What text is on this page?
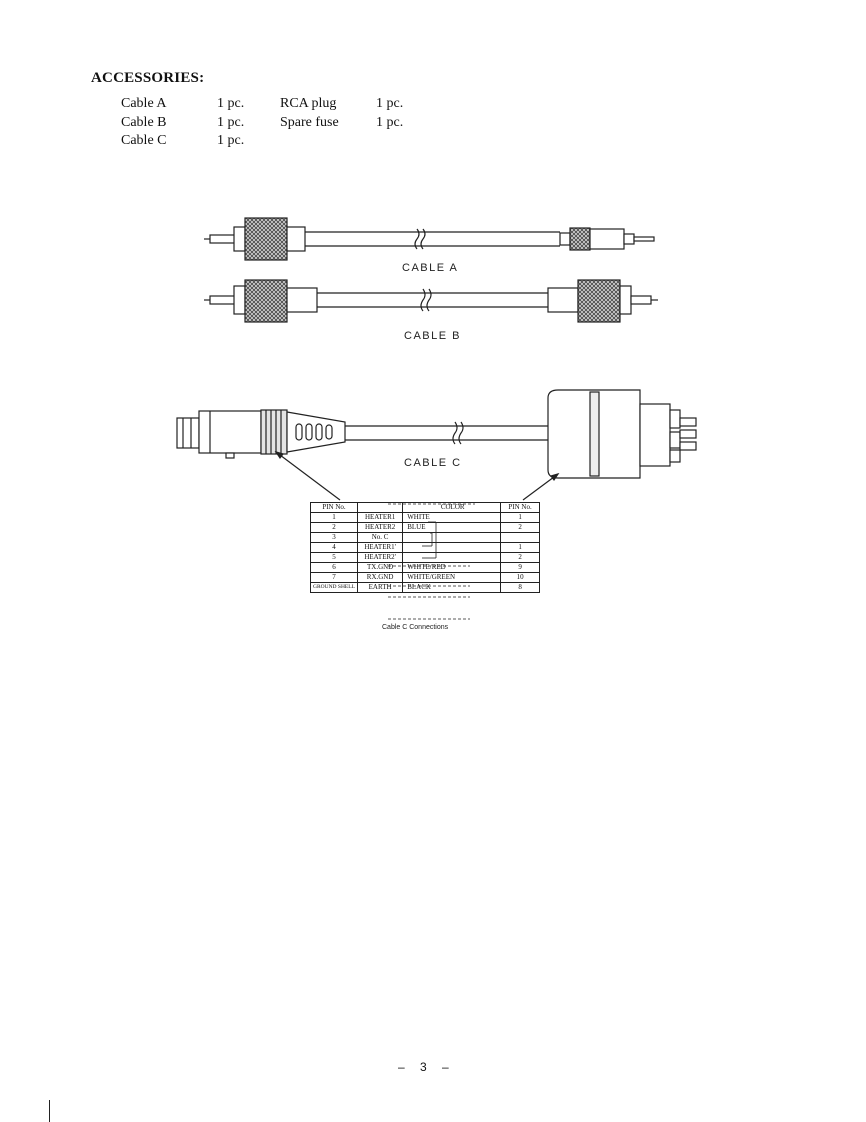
ACCESSORIES:
Cable A	1 pc.	RCA plug	1 pc.
Cable B	1 pc.	Spare fuse	1 pc.
Cable C	1 pc.
CABLE A
CABLE B
CABLE C
PIN No.		COLOR	PIN No.
1	HEATER1	WHITE	1
2	HEATER2	BLUE	2
3	No. C		
4	HEATER1'		1
5	HEATER2'		2
6	TX.GND	WHITE/RED	9
7	RX.GND	WHITE/GREEN	10
GROUND SHELL	EARTH	BLACK	8
Cable C Connections
– 3 –
